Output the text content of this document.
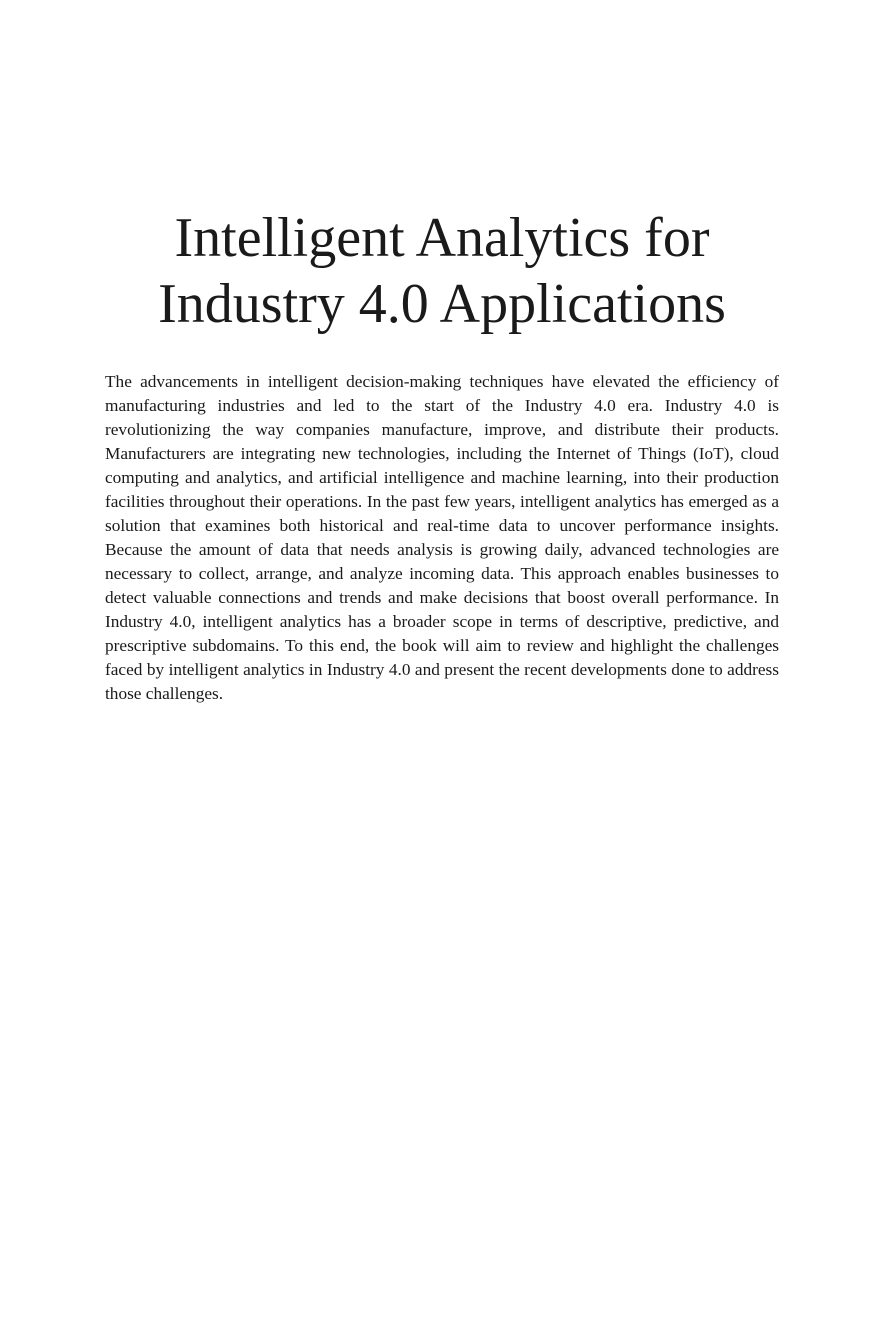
Intelligent Analytics for
Industry 4.0 Applications

The advancements in intelligent decision-making techniques have elevated the efficiency of manufacturing industries and led to the start of the Industry 4.0 era. Industry 4.0 is revolutionizing the way companies manufacture, improve, and distribute their products. Manufacturers are integrating new technologies, including the Internet of Things (IoT), cloud computing and analytics, and artificial intelligence and machine learning, into their production facilities throughout their operations. In the past few years, intelligent analytics has emerged as a solution that examines both historical and real-time data to uncover performance insights. Because the amount of data that needs analysis is growing daily, advanced technologies are necessary to collect, arrange, and analyze incoming data. This approach enables businesses to detect valuable connections and trends and make decisions that boost overall performance. In Industry 4.0, intelligent analytics has a broader scope in terms of descriptive, predictive, and prescriptive subdomains. To this end, the book will aim to review and highlight the challenges faced by intelligent analytics in Industry 4.0 and present the recent developments done to address those challenges.
